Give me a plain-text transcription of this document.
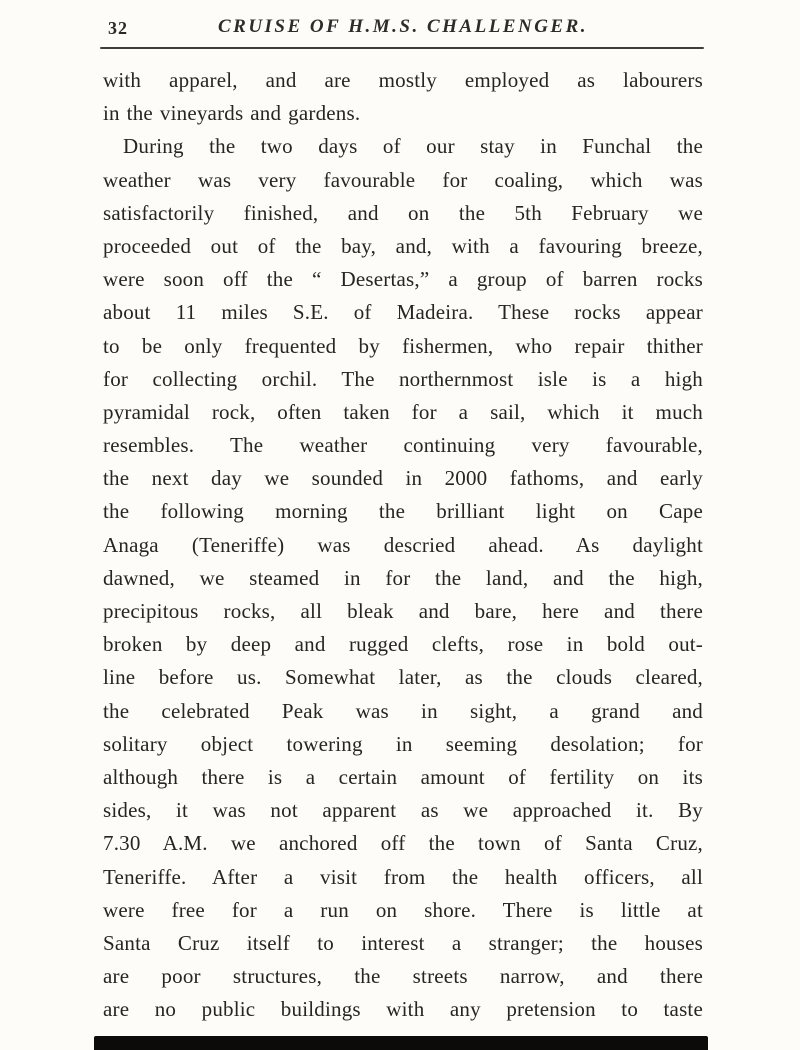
32	CRUISE OF H.M.S. CHALLENGER.
with apparel, and are mostly employed as labourers
in the vineyards and gardens.
During the two days of our stay in Funchal the
weather was very favourable for coaling, which was
satisfactorily finished, and on the 5th February we
proceeded out of the bay, and, with a favouring breeze,
were soon off the “ Desertas,” a group of barren rocks
about 11 miles S.E. of Madeira. These rocks appear
to be only frequented by fishermen, who repair thither
for collecting orchil. The northernmost isle is a high
pyramidal rock, often taken for a sail, which it much
resembles. The weather continuing very favourable,
the next day we sounded in 2000 fathoms, and early
the following morning the brilliant light on Cape
Anaga (Teneriffe) was descried ahead. As daylight
dawned, we steamed in for the land, and the high,
precipitous rocks, all bleak and bare, here and there
broken by deep and rugged clefts, rose in bold out-
line before us. Somewhat later, as the clouds cleared,
the celebrated Peak was in sight, a grand and
solitary object towering in seeming desolation; for
although there is a certain amount of fertility on its
sides, it was not apparent as we approached it. By
7.30 A.M. we anchored off the town of Santa Cruz,
Teneriffe. After a visit from the health officers, all
were free for a run on shore. There is little at
Santa Cruz itself to interest a stranger; the houses
are poor structures, the streets narrow, and there
are no public buildings with any pretension to taste
